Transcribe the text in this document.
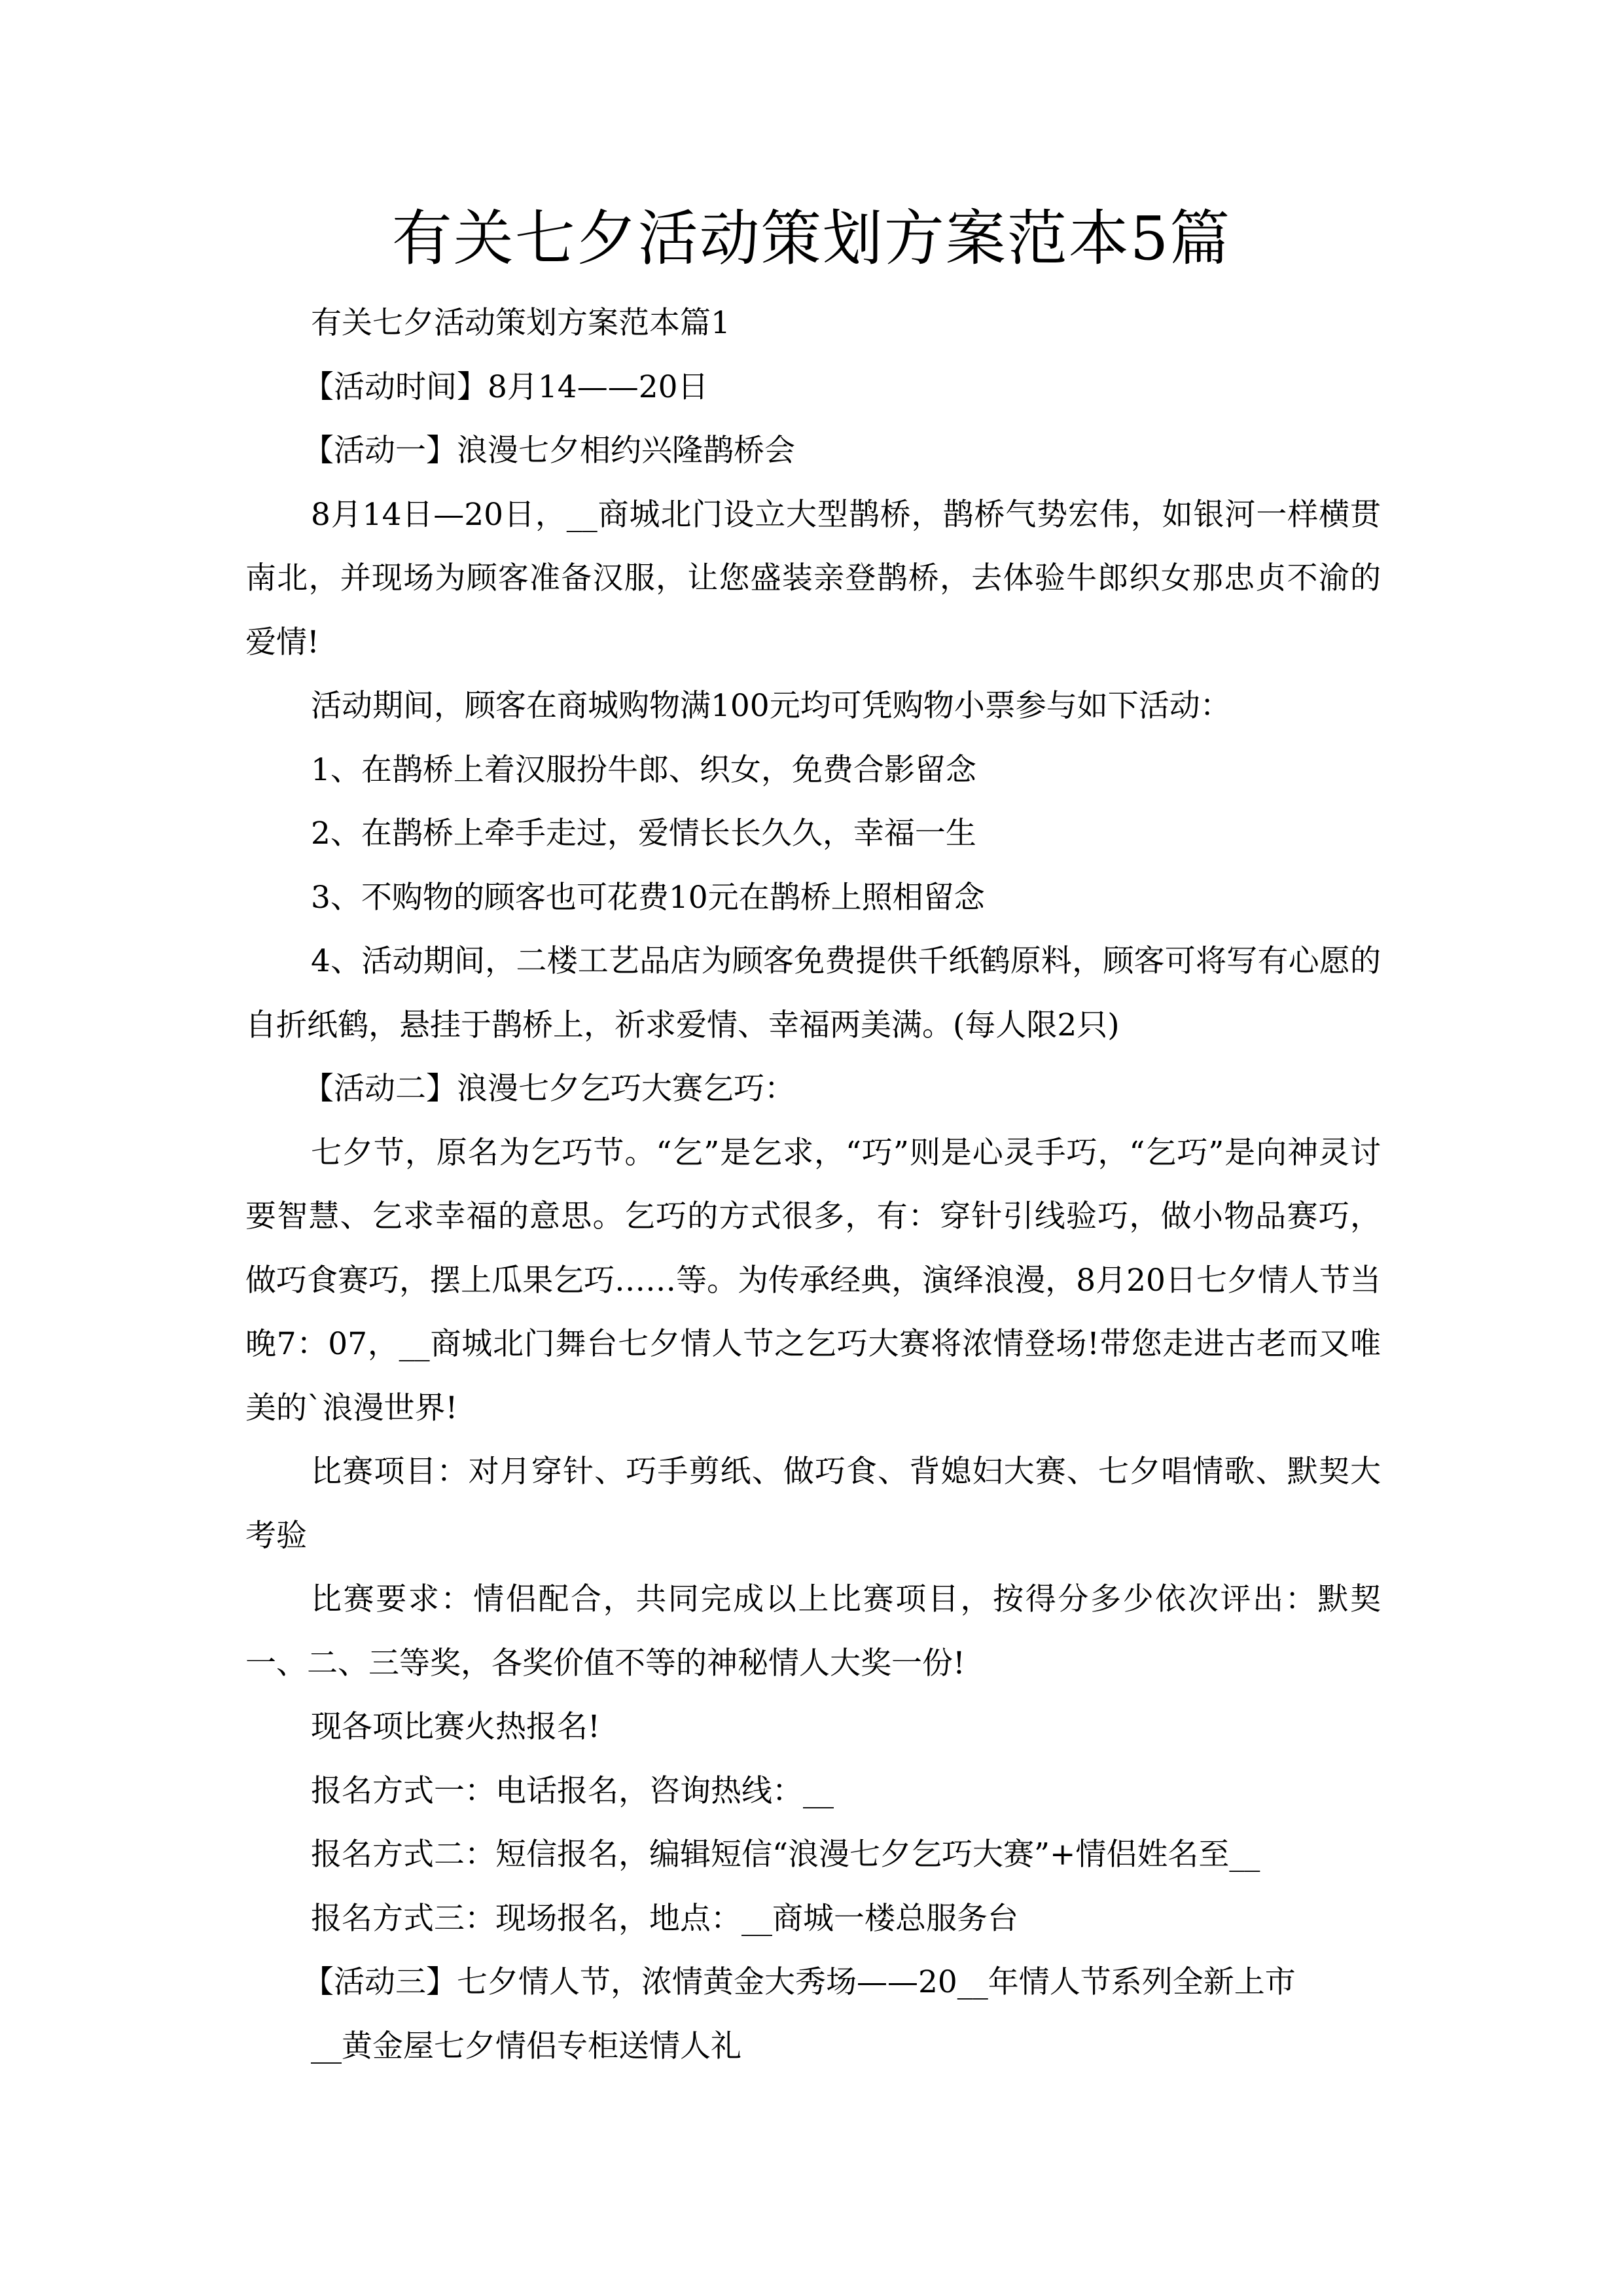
有关七夕活动策划方案范本5篇

有关七夕活动策划方案范本篇1

【活动时间】8月14——20日

【活动一】浪漫七夕相约兴隆鹊桥会

8月14日—20日，__商城北门设立大型鹊桥，鹊桥气势宏伟，如银河一样横贯南北，并现场为顾客准备汉服，让您盛装亲登鹊桥，去体验牛郎织女那忠贞不渝的爱情!

活动期间，顾客在商城购物满100元均可凭购物小票参与如下活动：

1、在鹊桥上着汉服扮牛郎、织女，免费合影留念

2、在鹊桥上牵手走过，爱情长长久久，幸福一生

3、不购物的顾客也可花费10元在鹊桥上照相留念

4、活动期间，二楼工艺品店为顾客免费提供千纸鹤原料，顾客可将写有心愿的自折纸鹤，悬挂于鹊桥上，祈求爱情、幸福两美满。(每人限2只)

【活动二】浪漫七夕乞巧大赛乞巧：

七夕节，原名为乞巧节。“乞”是乞求，“巧”则是心灵手巧，“乞巧”是向神灵讨要智慧、乞求幸福的意思。乞巧的方式很多，有：穿针引线验巧，做小物品赛巧，做巧食赛巧，摆上瓜果乞巧……等。为传承经典，演绎浪漫，8月20日七夕情人节当晚7：07，__商城北门舞台七夕情人节之乞巧大赛将浓情登场!带您走进古老而又唯美的`浪漫世界!

比赛项目：对月穿针、巧手剪纸、做巧食、背媳妇大赛、七夕唱情歌、默契大考验

比赛要求：情侣配合，共同完成以上比赛项目，按得分多少依次评出：默契一、二、三等奖，各奖价值不等的神秘情人大奖一份!

现各项比赛火热报名!

报名方式一：电话报名，咨询热线：__

报名方式二：短信报名，编辑短信“浪漫七夕乞巧大赛”+情侣姓名至__

报名方式三：现场报名，地点：__商城一楼总服务台

【活动三】七夕情人节，浓情黄金大秀场——20__年情人节系列全新上市

__黄金屋七夕情侣专柜送情人礼
